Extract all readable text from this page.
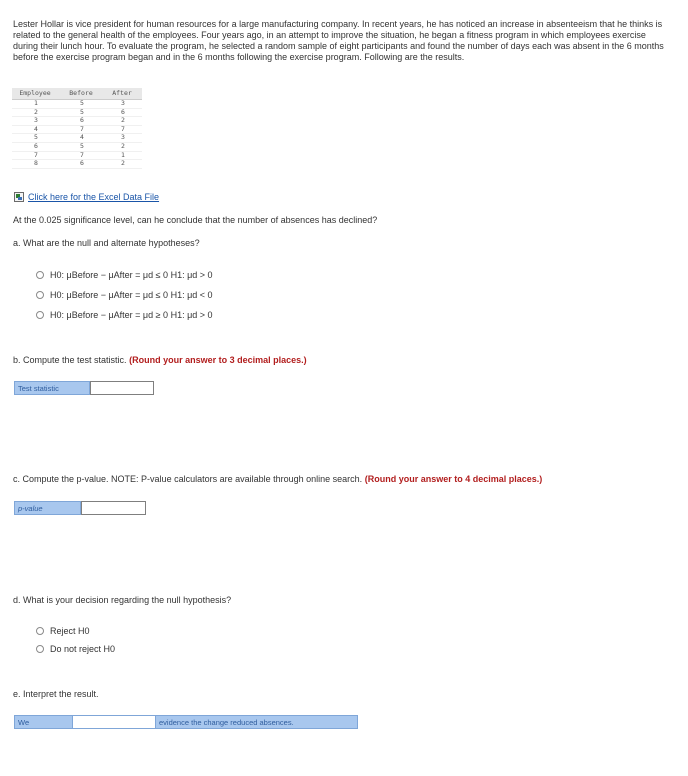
Lester Hollar is vice president for human resources for a large manufacturing company. In recent years, he has noticed an increase in absenteeism that he thinks is related to the general health of the employees. Four years ago, in an attempt to improve the situation, he began a fitness program in which employees exercise during their lunch hour. To evaluate the program, he selected a random sample of eight participants and found the number of days each was absent in the 6 months before the exercise program began and in the 6 months following the exercise program. Following are the results.

Employee	Before	After
1	5	3
2	5	6
3	6	2
4	7	7
5	4	3
6	5	2
7	7	1
8	6	2
Click here for the Excel Data File

At the 0.025 significance level, can he conclude that the number of absences has declined?

a. What are the null and alternate hypotheses?

H0: μBefore − μAfter = μd ≤ 0
H1: μd > 0
H0: μBefore − μAfter = μd ≤ 0
H1: μd < 0
H0: μBefore − μAfter = μd ≥ 0
H1: μd > 0

b. Compute the test statistic. (Round your answer to 3 decimal places.)

Test statistic

c. Compute the p-value. NOTE: P-value calculators are available through online search. (Round your answer to 4 decimal places.)

p-value

d. What is your decision regarding the null hypothesis?

Reject H0
Do not reject H0

e. Interpret the result.

We	evidence the change reduced absences.
